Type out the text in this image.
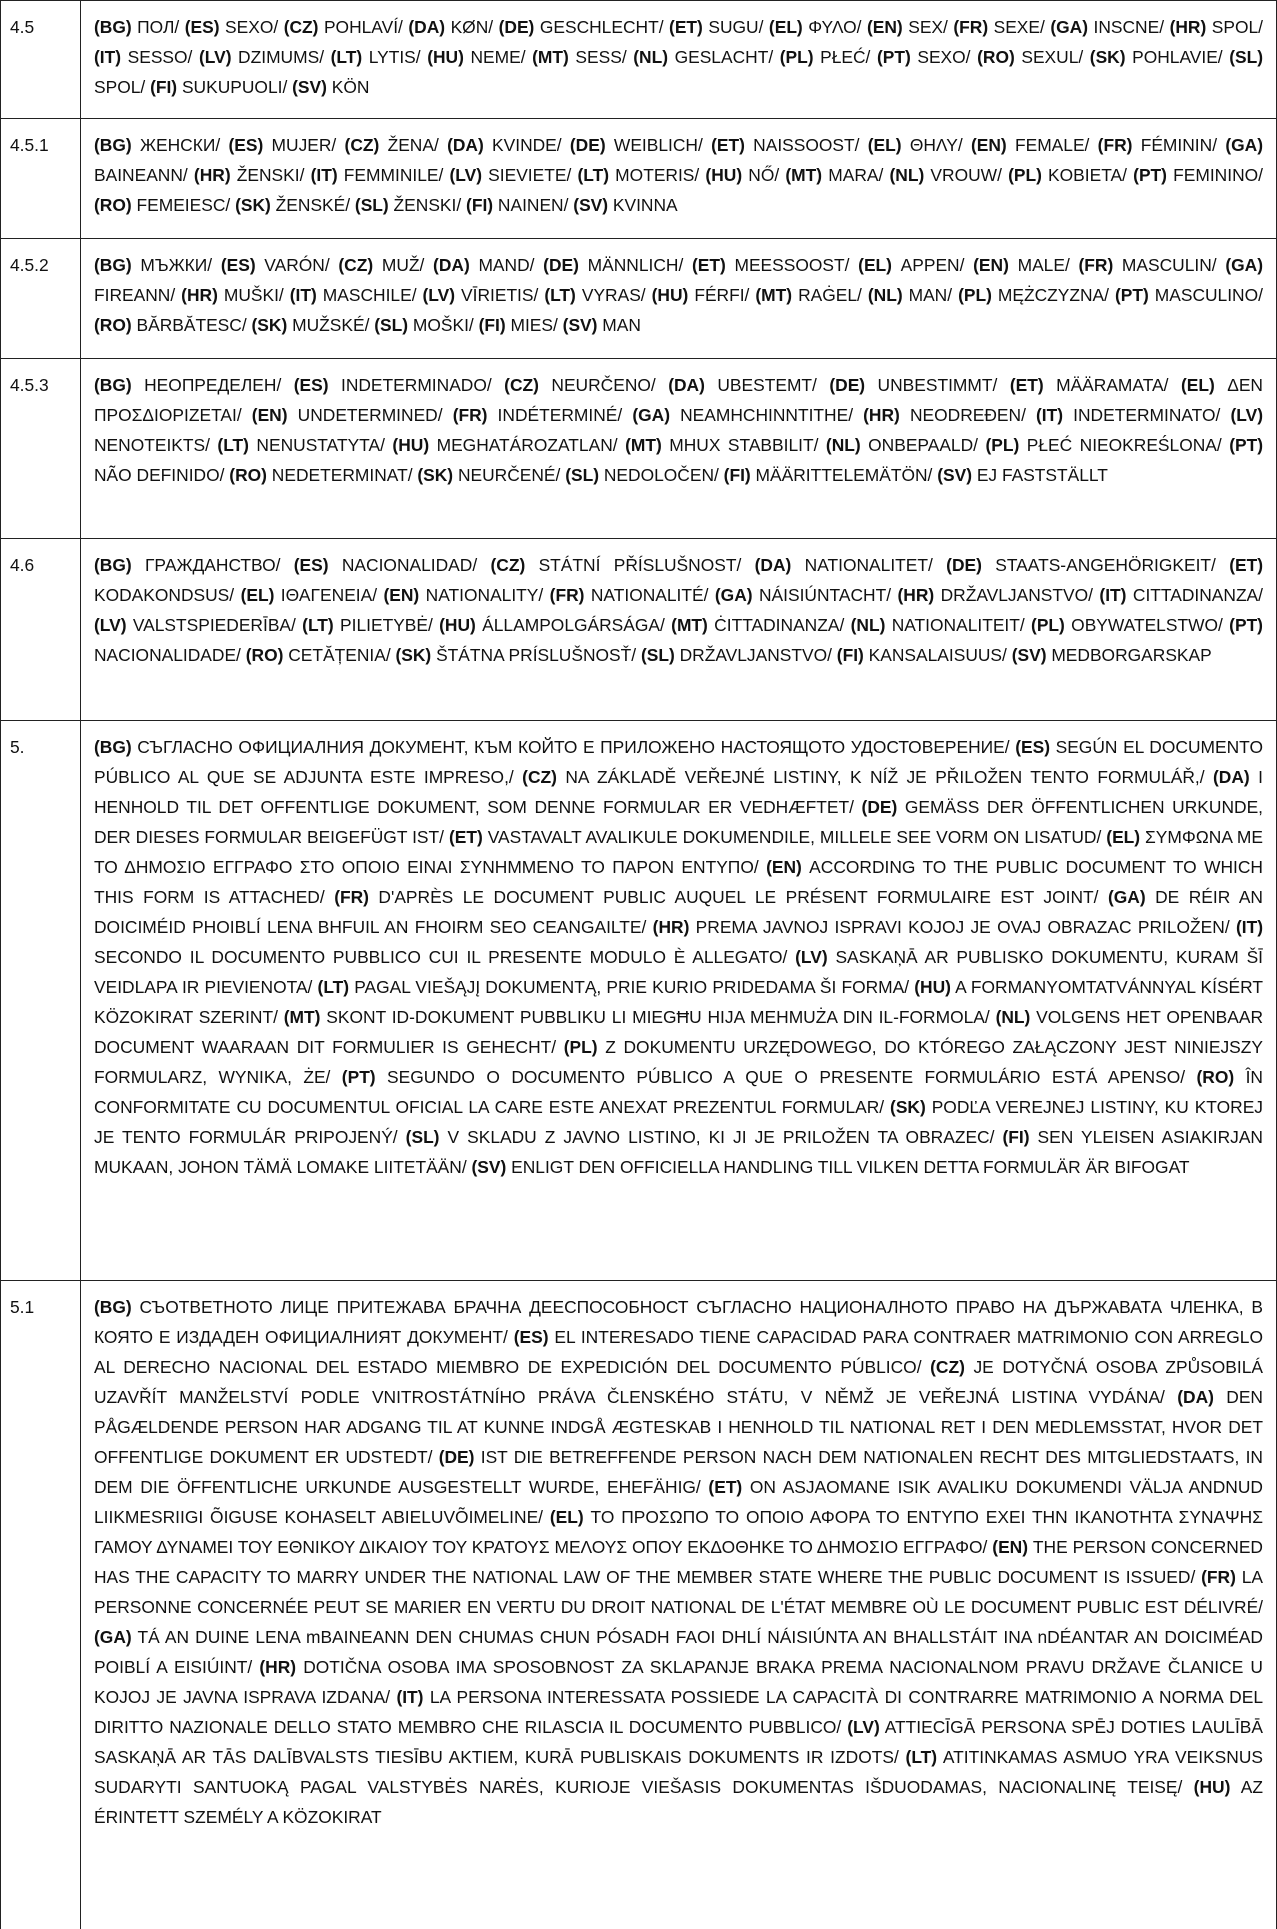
4.5	(BG) ПОЛ/ (ES) SEXO/ (CZ) POHLAVÍ/ (DA) KØN/ (DE) GESCHLECHT/ (ET) SUGU/ (EL) ΦΥΛΟ/ (EN) SEX/ (FR) SEXE/ (GA) INSCNE/ (HR) SPOL/ (IT) SESSO/ (LV) DZIMUMS/ (LT) LYTIS/ (HU) NEME/ (MT) SESS/ (NL) GESLACHT/ (PL) PŁEĆ/ (PT) SEXO/ (RO) SEXUL/ (SK) POHLAVIE/ (SL) SPOL/ (FI) SUKUPUOLI/ (SV) KÖN
4.5.1	(BG) ЖЕНСКИ/ (ES) MUJER/ (CZ) ŽENA/ (DA) KVINDE/ (DE) WEIBLICH/ (ET) NAISSOOST/ (EL) ΘΗΛΥ/ (EN) FEMALE/ (FR) FÉMININ/ (GA) BAINEANN/ (HR) ŽENSKI/ (IT) FEMMINILE/ (LV) SIEVIETE/ (LT) MOTERIS/ (HU) NŐ/ (MT) MARA/ (NL) VROUW/ (PL) KOBIETA/ (PT) FEMININO/ (RO) FEMEIESC/ (SK) ŽENSKÉ/ (SL) ŽENSKI/ (FI) NAINEN/ (SV) KVINNA
4.5.2	(BG) МЪЖКИ/ (ES) VARÓN/ (CZ) MUŽ/ (DA) MAND/ (DE) MÄNNLICH/ (ET) MEESSOOST/ (EL) ΑΡΡΕΝ/ (EN) MALE/ (FR) MASCULIN/ (GA) FIREANN/ (HR) MUŠKI/ (IT) MASCHILE/ (LV) VĪRIETIS/ (LT) VYRAS/ (HU) FÉRFI/ (MT) RAĠEL/ (NL) MAN/ (PL) MĘŻCZYZNA/ (PT) MASCULINO/ (RO) BĂRBĂTESC/ (SK) MUŽSKÉ/ (SL) MOŠKI/ (FI) MIES/ (SV) MAN
4.5.3	(BG) НЕОПРЕДЕЛЕН/ (ES) INDETERMINADO/ (CZ) NEURČENO/ (DA) UBESTEMT/ (DE) UNBESTIMMT/ (ET) MÄÄRAMATA/ (EL) ΔΕΝ ΠΡΟΣΔΙΟΡΙΖΕΤΑΙ/ (EN) UNDETERMINED/ (FR) INDÉTERMINÉ/ (GA) NEAMHCHINNTITHE/ (HR) NEODREĐEN/ (IT) INDETERMINATO/ (LV) NENOTEIKTS/ (LT) NENUSTATYTA/ (HU) MEGHATÁROZATLAN/ (MT) MHUX STABBILIT/ (NL) ONBEPAALD/ (PL) PŁEĆ NIEOKREŚLONA/ (PT) NÃO DEFINIDO/ (RO) NEDETERMINAT/ (SK) NEURČENÉ/ (SL) NEDOLOČEN/ (FI) MÄÄRITTELEMÄTÖN/ (SV) EJ FASTSTÄLLT
4.6	(BG) ГРАЖДАНСТВО/ (ES) NACIONALIDAD/ (CZ) STÁTNÍ PŘÍSLUŠNOST/ (DA) NATIONALITET/ (DE) STAATS-ANGEHÖRIGKEIT/ (ET) KODAKONDSUS/ (EL) ΙΘΑΓΕΝΕΙΑ/ (EN) NATIONALITY/ (FR) NATIONALITÉ/ (GA) NÁISIÚNTACHT/ (HR) DRŽAVLJANSTVO/ (IT) CITTADINANZA/ (LV) VALSTSPIEDERĪBA/ (LT) PILIETYBĖ/ (HU) ÁLLAMPOLGÁRSÁGA/ (MT) ĊITTADINANZA/ (NL) NATIONALITEIT/ (PL) OBYWATELSTWO/ (PT) NACIONALIDADE/ (RO) CETĂȚENIA/ (SK) ŠTÁTNA PRÍSLUŠNOSŤ/ (SL) DRŽAVLJANSTVO/ (FI) KANSALAISUUS/ (SV) MEDBORGARSKAP
5.	(BG) СЪГЛАСНО ОФИЦИАЛНИЯ ДОКУМЕНТ, КЪМ КОЙТО Е ПРИЛОЖЕНО НАСТОЯЩОТО УДОСТОВЕРЕНИЕ/ (ES) SEGÚN EL DOCUMENTO PÚBLICO AL QUE SE ADJUNTA ESTE IMPRESO,/ (CZ) NA ZÁKLADĚ VEŘEJNÉ LISTINY, K NÍŽ JE PŘILOŽEN TENTO FORMULÁŘ,/ (DA) I HENHOLD TIL DET OFFENTLIGE DOKUMENT, SOM DENNE FORMULAR ER VEDHÆFTET/ (DE) GEMÄSS DER ÖFFENTLICHEN URKUNDE, DER DIESES FORMULAR BEIGEFÜGT IST/ (ET) VASTAVALT AVALIKULE DOKUMENDILE, MILLELE SEE VORM ON LISATUD/ (EL) ΣΥΜΦΩΝΑ ΜΕ ΤΟ ΔΗΜΟΣΙΟ ΕΓΓΡΑΦΟ ΣΤΟ ΟΠΟΙΟ ΕΙΝΑΙ ΣΥΝΗΜΜΕΝΟ ΤΟ ΠΑΡΟΝ ΕΝΤΥΠΟ/ (EN) ACCORDING TO THE PUBLIC DOCUMENT TO WHICH THIS FORM IS ATTACHED/ (FR) D'APRÈS LE DOCUMENT PUBLIC AUQUEL LE PRÉSENT FORMULAIRE EST JOINT/ (GA) DE RÉIR AN DOICIMÉID PHOIBLÍ LENA BHFUIL AN FHOIRM SEO CEANGAILTE/ (HR) PREMA JAVNOJ ISPRAVI KOJOJ JE OVAJ OBRAZAC PRILOŽEN/ (IT) SECONDO IL DOCUMENTO PUBBLICO CUI IL PRESENTE MODULO È ALLEGATO/ (LV) SASKAŅĀ AR PUBLISKO DOKUMENTU, KURAM ŠĪ VEIDLAPA IR PIEVIENOTA/ (LT) PAGAL VIEŠĄJĮ DOKUMENTĄ, PRIE KURIO PRIDEDAMA ŠI FORMA/ (HU) A FORMANYOMTATVÁNNYAL KÍSÉRT KÖZOKIRAT SZERINT/ (MT) SKONT ID-DOKUMENT PUBBLIKU LI MIEGĦU HIJA MEHMUŻA DIN IL-FORMOLA/ (NL) VOLGENS HET OPENBAAR DOCUMENT WAARAAN DIT FORMULIER IS GEHECHT/ (PL) Z DOKUMENTU URZĘDOWEGO, DO KTÓREGO ZAŁĄCZONY JEST NINIEJSZY FORMULARZ, WYNIKA, ŻE/ (PT) SEGUNDO O DOCUMENTO PÚBLICO A QUE O PRESENTE FORMULÁRIO ESTÁ APENSO/ (RO) ÎN CONFORMITATE CU DOCUMENTUL OFICIAL LA CARE ESTE ANEXAT PREZENTUL FORMULAR/ (SK) PODĽA VEREJNEJ LISTINY, KU KTOREJ JE TENTO FORMULÁR PRIPOJENÝ/ (SL) V SKLADU Z JAVNO LISTINO, KI JI JE PRILOŽEN TA OBRAZEC/ (FI) SEN YLEISEN ASIAKIRJAN MUKAAN, JOHON TÄMÄ LOMAKE LIITETÄÄN/ (SV) ENLIGT DEN OFFICIELLA HANDLING TILL VILKEN DETTA FORMULÄR ÄR BIFOGAT
5.1	(BG) СЪОТВЕТНОТО ЛИЦЕ ПРИТЕЖАВА БРАЧНА ДЕЕСПОСОБНОСТ СЪГЛАСНО НАЦИОНАЛНОТО ПРАВО НА ДЪРЖАВАТА ЧЛЕНКА, В КОЯТО Е ИЗДАДЕН ОФИЦИАЛНИЯТ ДОКУМЕНТ/ (ES) EL INTERESADO TIENE CAPACIDAD PARA CONTRAER MATRIMONIO CON ARREGLO AL DERECHO NACIONAL DEL ESTADO MIEMBRO DE EXPEDICIÓN DEL DOCUMENTO PÚBLICO/ (CZ) JE DOTYČNÁ OSOBA ZPŮSOBILÁ UZAVŘÍT MANŽELSTVÍ PODLE VNITROSTÁTNÍHO PRÁVA ČLENSKÉHO STÁTU, V NĚMŽ JE VEŘEJNÁ LISTINA VYDÁNA/ (DA) DEN PÅGÆLDENDE PERSON HAR ADGANG TIL AT KUNNE INDGÅ ÆGTESKAB I HENHOLD TIL NATIONAL RET I DEN MEDLEMSSTAT, HVOR DET OFFENTLIGE DOKUMENT ER UDSTEDT/ (DE) IST DIE BETREFFENDE PERSON NACH DEM NATIONALEN RECHT DES MITGLIEDSTAATS, IN DEM DIE ÖFFENTLICHE URKUNDE AUSGESTELLT WURDE, EHEFÄHIG/ (ET) ON ASJAOMANE ISIK AVALIKU DOKUMENDI VÄLJA ANDNUD LIIKMESRIIGI ÕIGUSE KOHASELT ABIELUVÕIMELINE/ (EL) ΤΟ ΠΡΟΣΩΠΟ ΤΟ ΟΠΟΙΟ ΑΦΟΡΑ ΤΟ ΕΝΤΥΠΟ ΕΧΕΙ ΤΗΝ ΙΚΑΝΟΤΗΤΑ ΣΥΝΑΨΗΣ ΓΑΜΟΥ ΔΥΝΑΜΕΙ ΤΟΥ ΕΘΝΙΚΟΥ ΔΙΚΑΙΟΥ ΤΟΥ ΚΡΑΤΟΥΣ ΜΕΛΟΥΣ ΟΠΟΥ ΕΚΔΟΘΗΚΕ ΤΟ ΔΗΜΟΣΙΟ ΕΓΓΡΑΦΟ/ (EN) THE PERSON CONCERNED HAS THE CAPACITY TO MARRY UNDER THE NATIONAL LAW OF THE MEMBER STATE WHERE THE PUBLIC DOCUMENT IS ISSUED/ (FR) LA PERSONNE CONCERNÉE PEUT SE MARIER EN VERTU DU DROIT NATIONAL DE L'ÉTAT MEMBRE OÙ LE DOCUMENT PUBLIC EST DÉLIVRÉ/ (GA) TÁ AN DUINE LENA mBAINEANN DEN CHUMAS CHUN PÓSADH FAOI DHLÍ NÁISIÚNTA AN BHALLSTÁIT INA nDÉANTAR AN DOICIMÉAD POIBLÍ A EISIÚINT/ (HR) DOTIČNA OSOBA IMA SPOSOBNOST ZA SKLAPANJE BRAKA PREMA NACIONALNOM PRAVU DRŽAVE ČLANICE U KOJOJ JE JAVNA ISPRAVA IZDANA/ (IT) LA PERSONA INTERESSATA POSSIEDE LA CAPACITÀ DI CONTRARRE MATRIMONIO A NORMA DEL DIRITTO NAZIONALE DELLO STATO MEMBRO CHE RILASCIA IL DOCUMENTO PUBBLICO/ (LV) ATTIECĪGĀ PERSONA SPĒJ DOTIES LAULĪBĀ SASKAŅĀ AR TĀS DALĪBVALSTS TIESĪBU AKTIEM, KURĀ PUBLISKAIS DOKUMENTS IR IZDOTS/ (LT) ATITINKAMAS ASMUO YRA VEIKSNUS SUDARYTI SANTUOKĄ PAGAL VALSTYBĖS NARĖS, KURIOJE VIEŠASIS DOKUMENTAS IŠDUODAMAS, NACIONALINĘ TEISĘ/ (HU) AZ ÉRINTETT SZEMÉLY A KÖZOKIRAT
